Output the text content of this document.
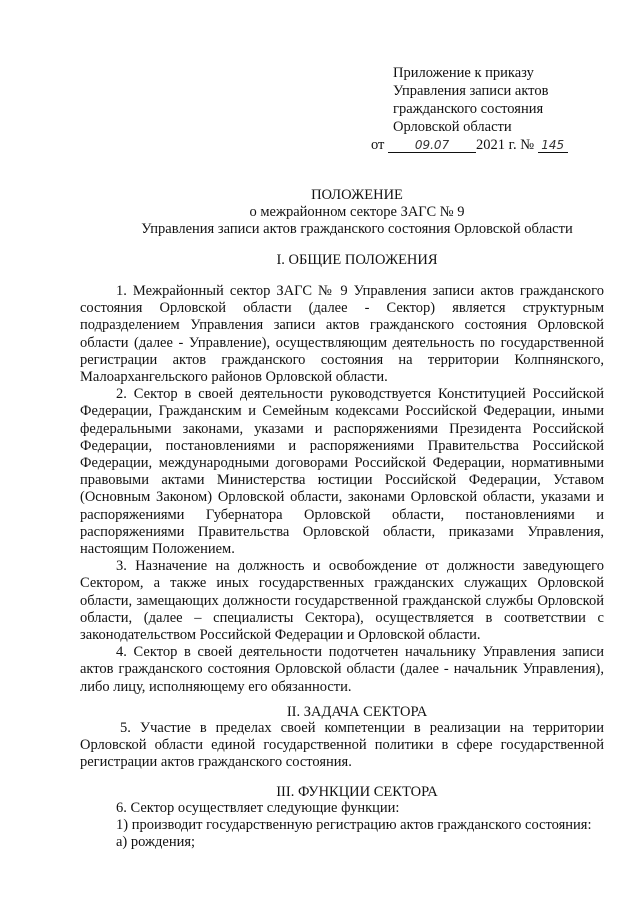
Приложение к приказу
Управления записи актов
гражданского состояния
Орловской области
от	09.07 2021 г. № 145
ПОЛОЖЕНИЕ
о межрайонном секторе ЗАГС № 9
Управления записи актов гражданского состояния Орловской области
I. ОБЩИЕ ПОЛОЖЕНИЯ

1. Межрайонный сектор ЗАГС № 9 Управления записи актов гражданского состояния Орловской области (далее - Сектор) является структурным подразделением Управления записи актов гражданского состояния Орловской области (далее - Управление), осуществляющим деятельность по государственной регистрации актов гражданского состояния на территории Колпнянского, Малоархангельского районов Орловской области.

2. Сектор в своей деятельности руководствуется Конституцией Российской Федерации, Гражданским и Семейным кодексами Российской Федерации, иными федеральными законами, указами и распоряжениями Президента Российской Федерации, постановлениями и распоряжениями Правительства Российской Федерации, международными договорами Российской Федерации, нормативными правовыми актами Министерства юстиции Российской Федерации, Уставом (Основным Законом) Орловской области, законами Орловской области, указами и распоряжениями Губернатора Орловской области, постановлениями и распоряжениями Правительства Орловской области, приказами Управления, настоящим Положением.

3. Назначение на должность и освобождение от должности заведующего Сектором, а также иных государственных гражданских служащих Орловской области, замещающих должности государственной гражданской службы Орловской области, (далее – специалисты Сектора), осуществляется в соответствии с законодательством Российской Федерации и Орловской области.

4. Сектор в своей деятельности подотчетен начальнику Управления записи актов гражданского состояния Орловской области (далее - начальник Управления), либо лицу, исполняющему его обязанности.

II. ЗАДАЧА СЕКТОРА

5. Участие в пределах своей компетенции в реализации на территории Орловской области единой государственной политики в сфере государственной регистрации актов гражданского состояния.

III. ФУНКЦИИ СЕКТОРА

6. Сектор осуществляет следующие функции:

1) производит государственную регистрацию актов гражданского состояния:

а) рождения;
